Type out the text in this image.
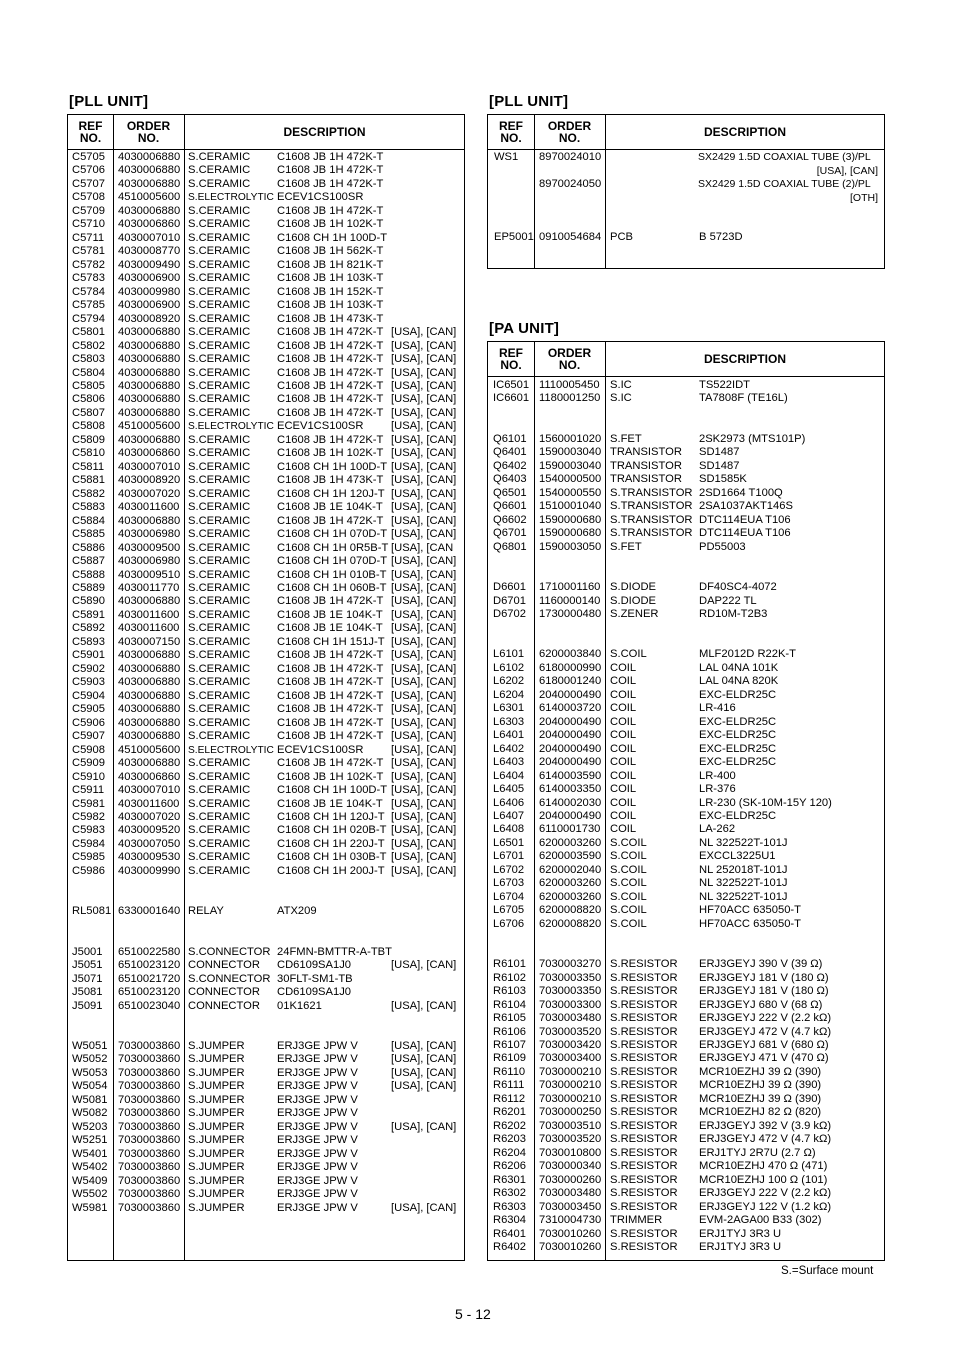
[PLL UNIT]
REF
NO.
ORDER
NO.	DESCRIPTION
C5705 4030006880 S.CERAMIC C1608 JB 1H 472K-T
C5706 4030006880 S.CERAMIC C1608 JB 1H 472K-T
C5707 4030006880 S.CERAMIC C1608 JB 1H 472K-T
C5708 4510005600 S.ELECTROLYTIC ECEV1CS100SR
C5709 4030006880 S.CERAMIC C1608 JB 1H 472K-T
C5710 4030006860 S.CERAMIC C1608 JB 1H 102K-T
C5711 4030007010 S.CERAMIC C1608 CH 1H 100D-T
C5781 4030008770 S.CERAMIC C1608 JB 1H 562K-T
C5782 4030009490 S.CERAMIC C1608 JB 1H 821K-T
C5783 4030006900 S.CERAMIC C1608 JB 1H 103K-T
C5784 4030009980 S.CERAMIC C1608 JB 1H 152K-T
C5785 4030006900 S.CERAMIC C1608 JB 1H 103K-T
C5794 4030008920 S.CERAMIC C1608 JB 1H 473K-T
C5801 4030006880 S.CERAMIC C1608 JB 1H 472K-T [USA], [CAN]
C5802 4030006880 S.CERAMIC C1608 JB 1H 472K-T [USA], [CAN]
C5803 4030006880 S.CERAMIC C1608 JB 1H 472K-T [USA], [CAN]
C5804 4030006880 S.CERAMIC C1608 JB 1H 472K-T [USA], [CAN]
C5805 4030006880 S.CERAMIC C1608 JB 1H 472K-T [USA], [CAN]
C5806 4030006880 S.CERAMIC C1608 JB 1H 472K-T [USA], [CAN]
C5807 4030006880 S.CERAMIC C1608 JB 1H 472K-T [USA], [CAN]
C5808 4510005600 S.ELECTROLYTIC ECEV1CS100SR [USA], [CAN]
C5809 4030006880 S.CERAMIC C1608 JB 1H 472K-T [USA], [CAN]
C5810 4030006860 S.CERAMIC C1608 JB 1H 102K-T [USA], [CAN]
C5811 4030007010 S.CERAMIC C1608 CH 1H 100D-T [USA], [CAN]
C5881 4030008920 S.CERAMIC C1608 JB 1H 473K-T [USA], [CAN]
C5882 4030007020 S.CERAMIC C1608 CH 1H 120J-T [USA], [CAN]
C5883 4030011600 S.CERAMIC C1608 JB 1E 104K-T [USA], [CAN]
C5884 4030006880 S.CERAMIC C1608 JB 1H 472K-T [USA], [CAN]
C5885 4030006980 S.CERAMIC C1608 CH 1H 070D-T [USA], [CAN]
C5886 4030009500 S.CERAMIC C1608 CH 1H 0R5B-T [USA], [CAN
C5887 4030006980 S.CERAMIC C1608 CH 1H 070D-T [USA], [CAN]
C5888 4030009510 S.CERAMIC C1608 CH 1H 010B-T [USA], [CAN]
C5889 4030011770 S.CERAMIC C1608 CH 1H 060B-T [USA], [CAN]
C5890 4030006880 S.CERAMIC C1608 JB 1H 472K-T [USA], [CAN]
C5891 4030011600 S.CERAMIC C1608 JB 1E 104K-T [USA], [CAN]
C5892 4030011600 S.CERAMIC C1608 JB 1E 104K-T [USA], [CAN]
C5893 4030007150 S.CERAMIC C1608 CH 1H 151J-T [USA], [CAN]
C5901 4030006880 S.CERAMIC C1608 JB 1H 472K-T [USA], [CAN]
C5902 4030006880 S.CERAMIC C1608 JB 1H 472K-T [USA], [CAN]
C5903 4030006880 S.CERAMIC C1608 JB 1H 472K-T [USA], [CAN]
C5904 4030006880 S.CERAMIC C1608 JB 1H 472K-T [USA], [CAN]
C5905 4030006880 S.CERAMIC C1608 JB 1H 472K-T [USA], [CAN]
C5906 4030006880 S.CERAMIC C1608 JB 1H 472K-T [USA], [CAN]
C5907 4030006880 S.CERAMIC C1608 JB 1H 472K-T [USA], [CAN]
C5908 4510005600 S.ELECTROLYTIC ECEV1CS100SR [USA], [CAN]
C5909 4030006880 S.CERAMIC C1608 JB 1H 472K-T [USA], [CAN]
C5910 4030006860 S.CERAMIC C1608 JB 1H 102K-T [USA], [CAN]
C5911 4030007010 S.CERAMIC C1608 CH 1H 100D-T [USA], [CAN]
C5981 4030011600 S.CERAMIC C1608 JB 1E 104K-T [USA], [CAN]
C5982 4030007020 S.CERAMIC C1608 CH 1H 120J-T [USA], [CAN]
C5983 4030009520 S.CERAMIC C1608 CH 1H 020B-T [USA], [CAN]
C5984 4030007050 S.CERAMIC C1608 CH 1H 220J-T [USA], [CAN]
C5985 4030009530 S.CERAMIC C1608 CH 1H 030B-T [USA], [CAN]
C5986 4030009990 S.CERAMIC C1608 CH 1H 200J-T [USA], [CAN]
RL5081 6330001640 RELAY	ATX209
J5001 6510022580 S.CONNECTOR 24FMN-BMTTR-A-TBT
J5051 6510023120 CONNECTOR CD6109SA1J0	[USA], [CAN]
J5071 6510021720 S.CONNECTOR 30FLT-SM1-TB
J5081 6510023120 CONNECTOR CD6109SA1J0
J5091 6510023040 CONNECTOR 01K1621	[USA], [CAN]
W5051 7030003860 S.JUMPER	ERJ3GE JPW V	[USA], [CAN]
W5052 7030003860 S.JUMPER	ERJ3GE JPW V	[USA], [CAN]
W5053 7030003860 S.JUMPER	ERJ3GE JPW V	[USA], [CAN]
W5054 7030003860 S.JUMPER	ERJ3GE JPW V	[USA], [CAN]
W5081 7030003860 S.JUMPER	ERJ3GE JPW V
W5082 7030003860 S.JUMPER	ERJ3GE JPW V
W5203 7030003860 S.JUMPER	ERJ3GE JPW V	[USA], [CAN]
W5251 7030003860 S.JUMPER	ERJ3GE JPW V
W5401 7030003860 S.JUMPER	ERJ3GE JPW V
W5402 7030003860 S.JUMPER	ERJ3GE JPW V
W5409 7030003860 S.JUMPER	ERJ3GE JPW V
W5502 7030003860 S.JUMPER	ERJ3GE JPW V
W5981 7030003860 S.JUMPER	ERJ3GE JPW V	[USA], [CAN]
[PLL UNIT]
REF
NO.
ORDER
NO.	DESCRIPTION
WS1 8970024010	SX2429 1.5D COAXIAL TUBE (3)/PL
[USA], [CAN]
8970024050	SX2429 1.5D COAXIAL TUBE (2)/PL
[OTH]
EP5001 0910054684 PCB	B 5723D
[PA UNIT]
REF
NO.
ORDER
NO.	DESCRIPTION
IC6501 1110005450 S.IC	TS522IDT
IC6601 1180001250 S.IC	TA7808F (TE16L)
Q6101 1560001020 S.FET	2SK2973 (MTS101P)
Q6401 1590003040 TRANSISTOR SD1487
Q6402 1590003040 TRANSISTOR SD1487
Q6403 1540000500 TRANSISTOR SD1585K
Q6501 1540000550 S.TRANSISTOR 2SD1664 T100Q
Q6601 1510001040 S.TRANSISTOR 2SA1037AKT146S
Q6602 1590000680 S.TRANSISTOR DTC114EUA T106
Q6701 1590000680 S.TRANSISTOR DTC114EUA T106
Q6801 1590003050 S.FET	PD55003
D6601 1710001160 S.DIODE	DF40SC4-4072
D6701 1160000140 S.DIODE	DAP222 TL
D6702 1730000480 S.ZENER	RD10M-T2B3
L6101 6200003840 S.COIL	MLF2012D R22K-T
L6102 6180000990 COIL	LAL 04NA 101K
L6202 6180001240 COIL	LAL 04NA 820K
L6204 2040000490 COIL	EXC-ELDR25C
L6301 6140003720 COIL	LR-416
L6303 2040000490 COIL	EXC-ELDR25C
L6401 2040000490 COIL	EXC-ELDR25C
L6402 2040000490 COIL	EXC-ELDR25C
L6403 2040000490 COIL	EXC-ELDR25C
L6404 6140003590 COIL	LR-400
L6405 6140003350 COIL	LR-376
L6406 6140002030 COIL	LR-230 (SK-10M-15Y 120)
L6407 2040000490 COIL	EXC-ELDR25C
L6408 6110001730 COIL	LA-262
L6501 6200003260 S.COIL	NL 322522T-101J
L6701 6200003590 S.COIL	EXCCL3225U1
L6702 6200002040 S.COIL	NL 252018T-101J
L6703 6200003260 S.COIL	NL 322522T-101J
L6704 6200003260 S.COIL	NL 322522T-101J
L6705 6200008820 S.COIL	HF70ACC 635050-T
L6706 6200008820 S.COIL	HF70ACC 635050-T
R6101 7030003270 S.RESISTOR ERJ3GEYJ 390 V (39 Ω)
R6102 7030003350 S.RESISTOR ERJ3GEYJ 181 V (180 Ω)
R6103 7030003350 S.RESISTOR ERJ3GEYJ 181 V (180 Ω)
R6104 7030003300 S.RESISTOR ERJ3GEYJ 680 V (68 Ω)
R6105 7030003480 S.RESISTOR ERJ3GEYJ 222 V (2.2 kΩ)
R6106 7030003520 S.RESISTOR ERJ3GEYJ 472 V (4.7 kΩ)
R6107 7030003420 S.RESISTOR ERJ3GEYJ 681 V (680 Ω)
R6109 7030003400 S.RESISTOR ERJ3GEYJ 471 V (470 Ω)
R6110 7030000210 S.RESISTOR MCR10EZHJ 39 Ω (390)
R6111 7030000210 S.RESISTOR MCR10EZHJ 39 Ω (390)
R6112 7030000210 S.RESISTOR MCR10EZHJ 39 Ω (390)
R6201 7030000250 S.RESISTOR MCR10EZHJ 82 Ω (820)
R6202 7030003510 S.RESISTOR ERJ3GEYJ 392 V (3.9 kΩ)
R6203 7030003520 S.RESISTOR ERJ3GEYJ 472 V (4.7 kΩ)
R6204 7030010800 S.RESISTOR ERJ1TYJ 2R7U (2.7 Ω)
R6206 7030000340 S.RESISTOR MCR10EZHJ 470 Ω (471)
R6301 7030000260 S.RESISTOR MCR10EZHJ 100 Ω (101)
R6302 7030003480 S.RESISTOR ERJ3GEYJ 222 V (2.2 kΩ)
R6303 7030003450 S.RESISTOR ERJ3GEYJ 122 V (1.2 kΩ)
R6304 7310004730 TRIMMER	EVM-2AGA00 B33 (302)
R6401 7030010260 S.RESISTOR ERJ1TYJ 3R3 U
R6402 7030010260 S.RESISTOR ERJ1TYJ 3R3 U
S.=Surface mount
5 - 12
